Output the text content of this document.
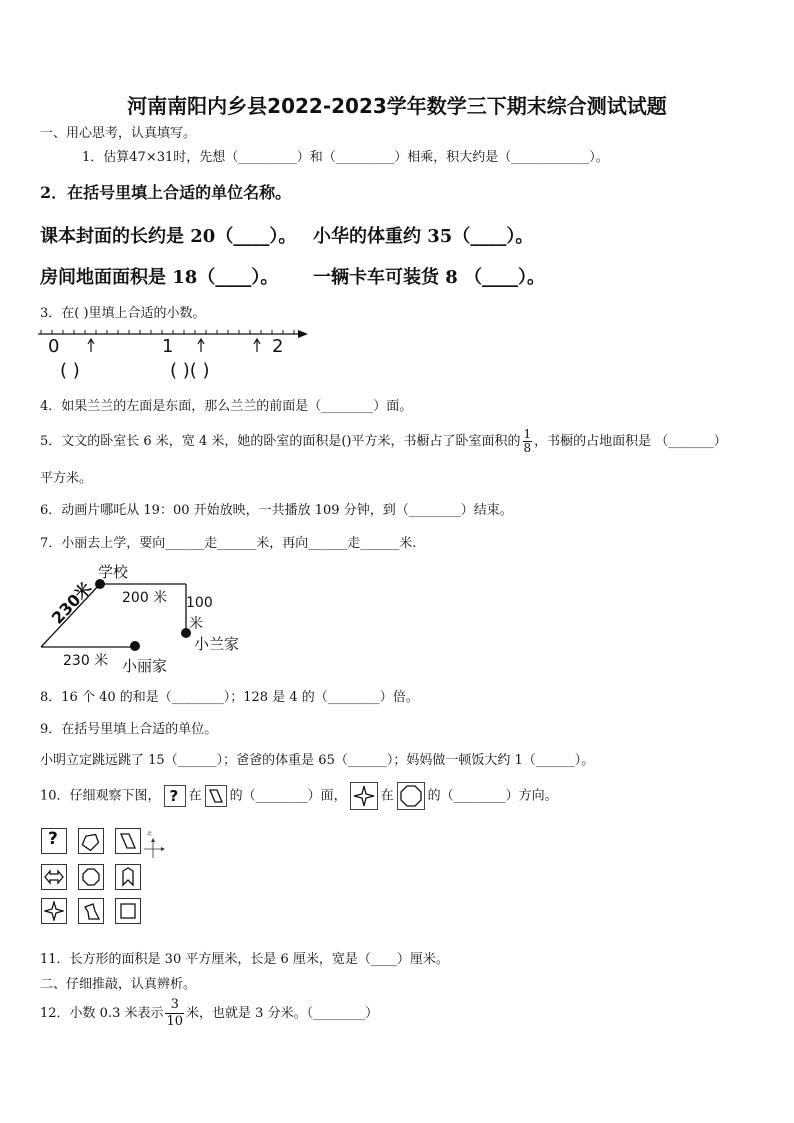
河南南阳内乡县2022-2023学年数学三下期末综合测试试题
一、用心思考，认真填写。
1．估算47×31时，先想（_________）和（_________）相乘，积大约是（____________）。
2．在括号里填上合适的单位名称。
课本封面的长约是 20（____）。 小华的体重约 35（____）。
房间地面面积是 18（____）。 一辆卡车可装货 8 （____）。
3．在( )里填上合适的小数。
0	1	2
( )	( )( )
4．如果兰兰的左面是东面，那么兰兰的前面是（________）面。
5．文文的卧室长 6 米，宽 4 米，她的卧室的面积是()平方米，书橱占了卧室面积的 $\frac{1}{8}$ ，书橱的占地面积是 （_______）
平方米。
6．动画片哪吒从 19：00 开始放映，一共播放 109 分钟，到（________）结束。
7．小丽去上学，要向______走______米，再向______走______米.
学校
200 米 100
米
230米
230 米 小丽家
小兰家
8．16 个 40 的和是（________）；128 是 4 的（________）倍。
9．在括号里填上合适的单位。
小明立定跳远跳了 15（______）；爸爸的体重是 65（______）；妈妈做一顿饭大约 1（______）。
10．仔细观察下图， ? 在 的（________）面，	在	的（________）方向。
?	北
11．长方形的面积是 30 平方厘米，长是 6 厘米，宽是（____）厘米。
二、仔细推敲，认真辨析。
12．小数 0.3 米表示 $\frac{3}{10}$ 米，也就是 3 分米。（________）
